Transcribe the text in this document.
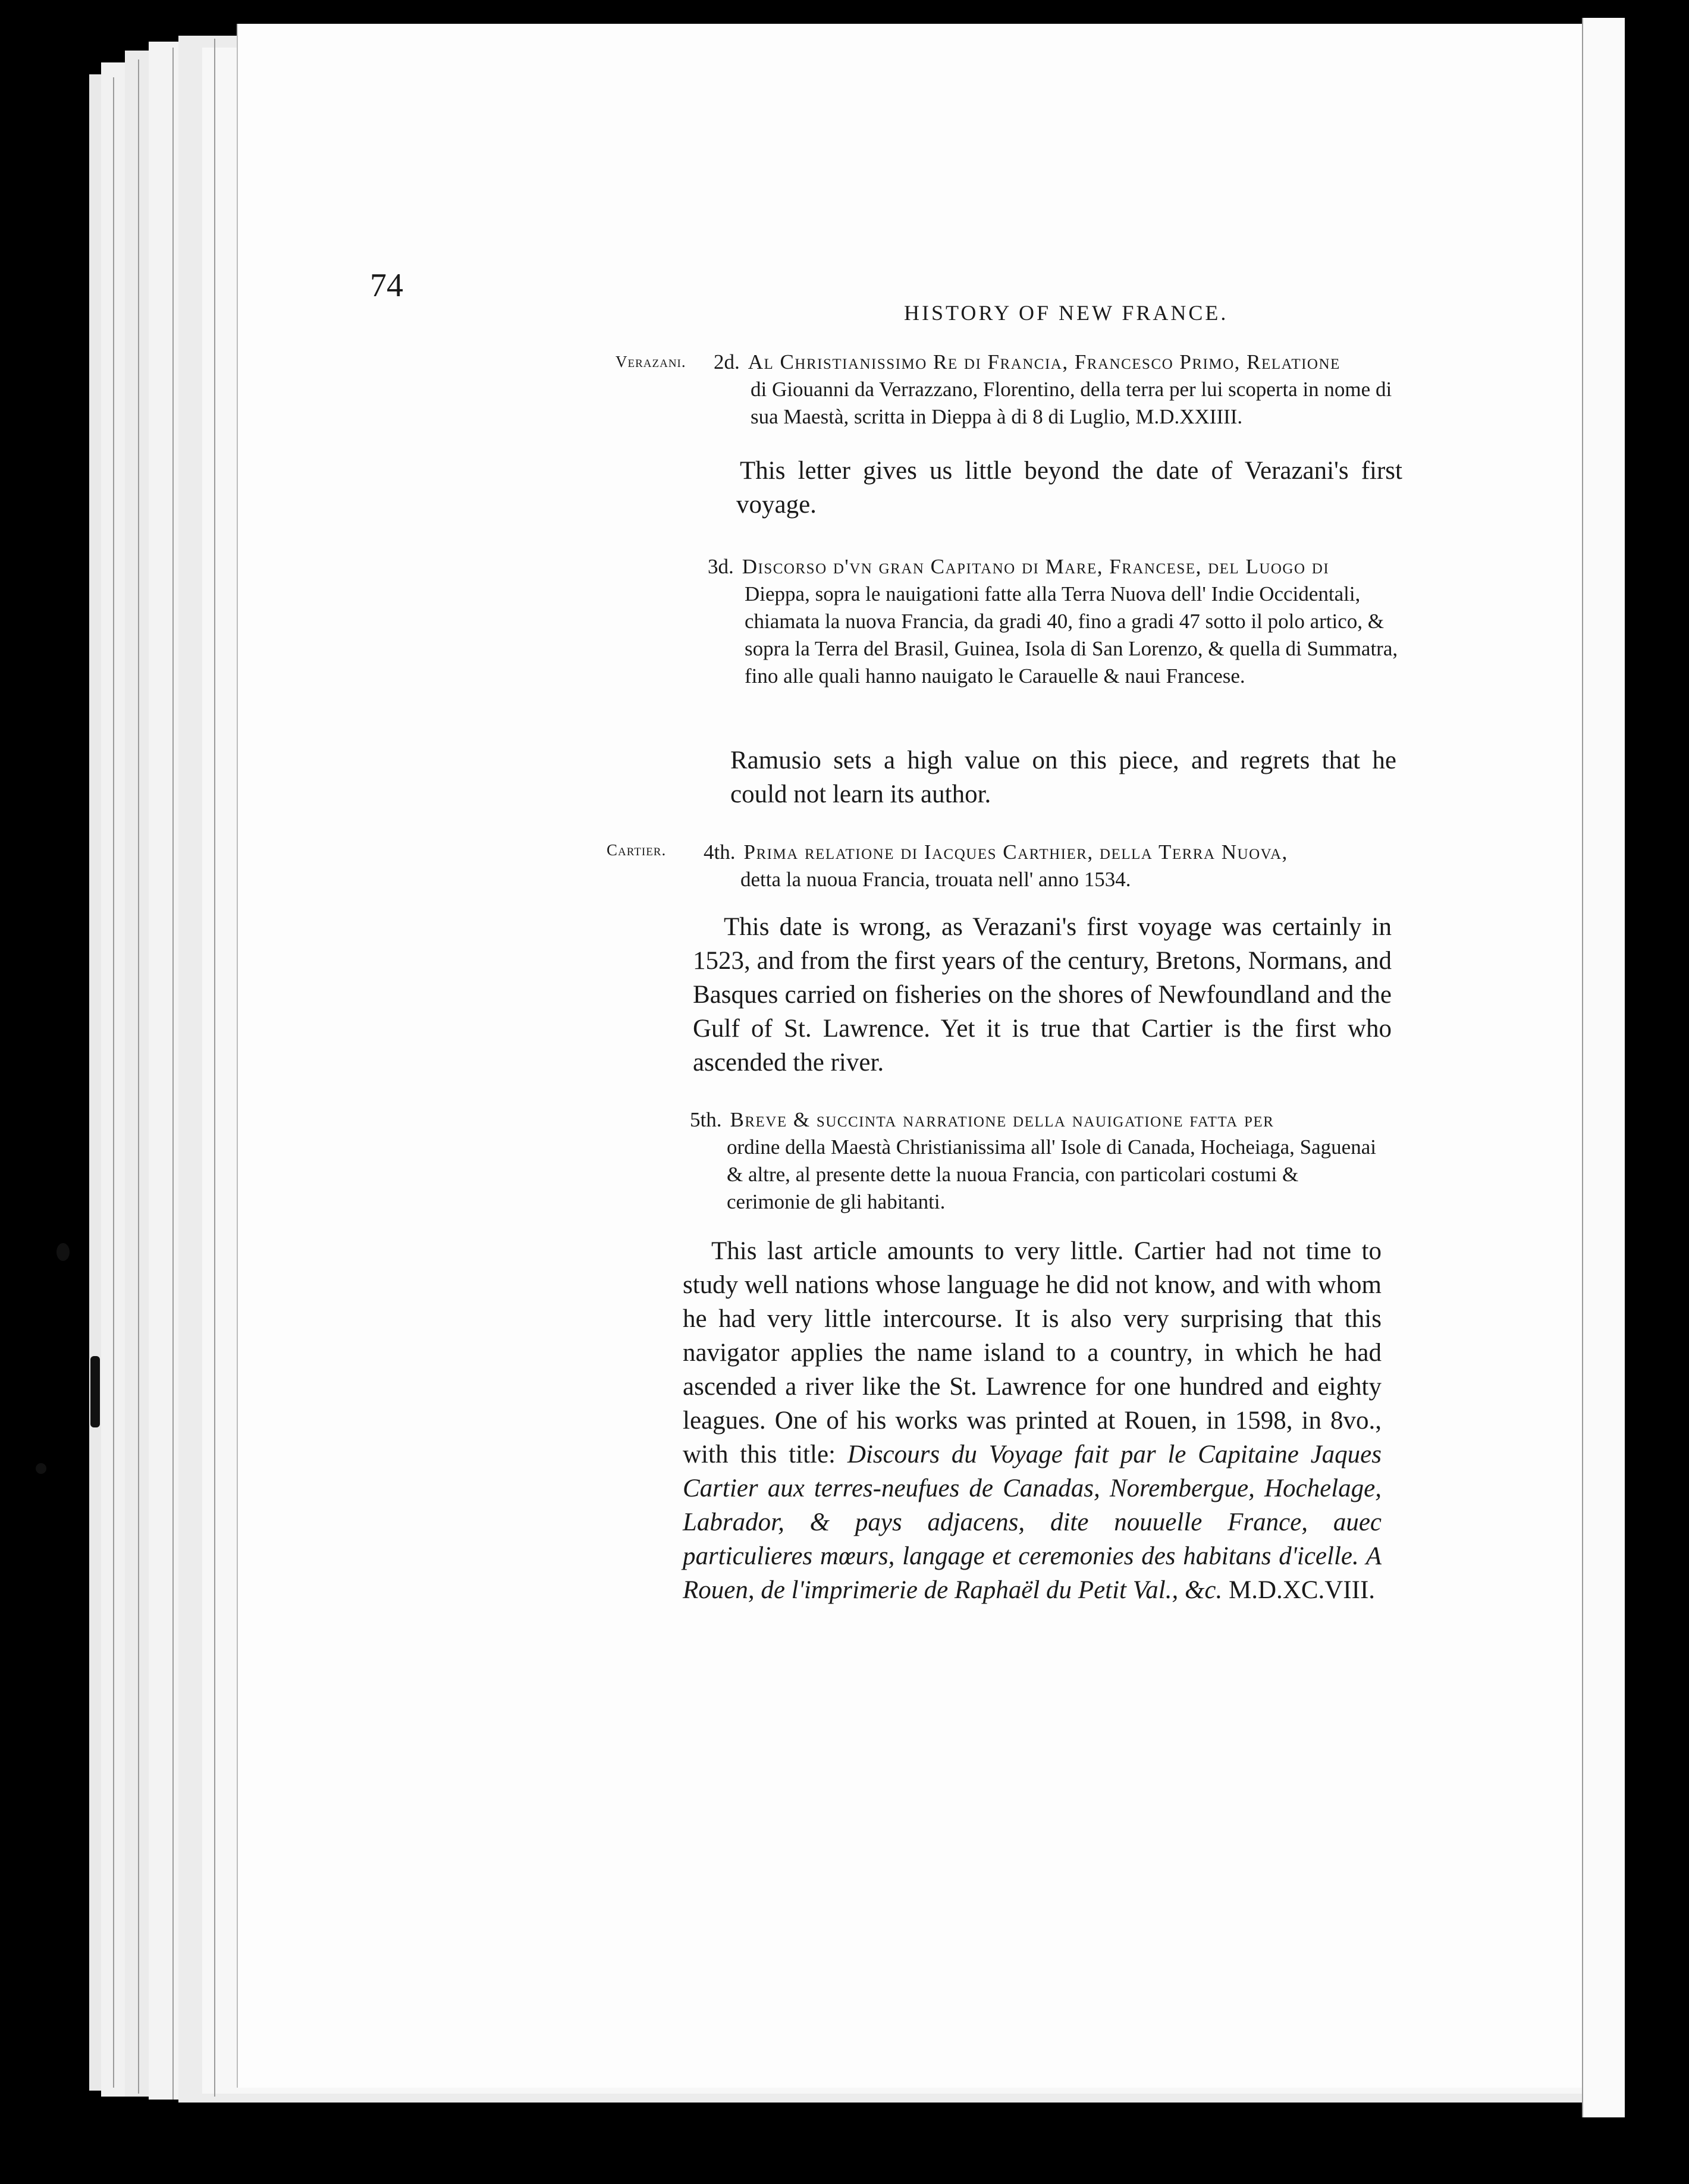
74
HISTORY OF NEW FRANCE.
Verazani.
Cartier.
2d. Al Christianissimo Re di Francia, Francesco Primo, Relatione
di Giouanni da Verrazzano, Florentino, della terra per lui scoperta in nome di sua Maestà, scritta in Dieppa à di 8 di Luglio, M.D.XXIIII.
This letter gives us little beyond the date of Verazani's first voyage.
3d. Discorso d'vn gran Capitano di Mare, Francese, del Luogo di
Dieppa, sopra le nauigationi fatte alla Terra Nuova dell' Indie Occidentali, chiamata la nuova Francia, da gradi 40, fino a gradi 47 sotto il polo artico, & sopra la Terra del Brasil, Guinea, Isola di San Lorenzo, & quella di Summatra, fino alle quali hanno nauigato le Carauelle & naui Francese.
Ramusio sets a high value on this piece, and regrets that he could not learn its author.
4th. Prima relatione di Iacques Carthier, della Terra Nuova,
detta la nuoua Francia, trouata nell' anno 1534.
This date is wrong, as Verazani's first voyage was certainly in 1523, and from the first years of the century, Bretons, Normans, and Basques carried on fisheries on the shores of Newfoundland and the Gulf of St. Lawrence. Yet it is true that Cartier is the first who ascended the river.
5th. Breve & succinta narratione della nauigatione fatta per
ordine della Maestà Christianissima all' Isole di Canada, Hocheiaga, Saguenai & altre, al presente dette la nuoua Francia, con particolari costumi & cerimonie de gli habitanti.
This last article amounts to very little. Cartier had not time to study well nations whose language he did not know, and with whom he had very little intercourse. It is also very surprising that this navigator applies the name island to a country, in which he had ascended a river like the St. Lawrence for one hundred and eighty leagues. One of his works was printed at Rouen, in 1598, in 8vo., with this title: Discours du Voyage fait par le Capitaine Jaques Cartier aux terres-neufues de Canadas, Norembergue, Hochelage, Labrador, & pays adjacens, dite nouuelle France, auec particulieres mœurs, langage et ceremonies des habitans d'icelle. A Rouen, de l'imprimerie de Raphaël du Petit Val., &c. M.D.XC.VIII.
